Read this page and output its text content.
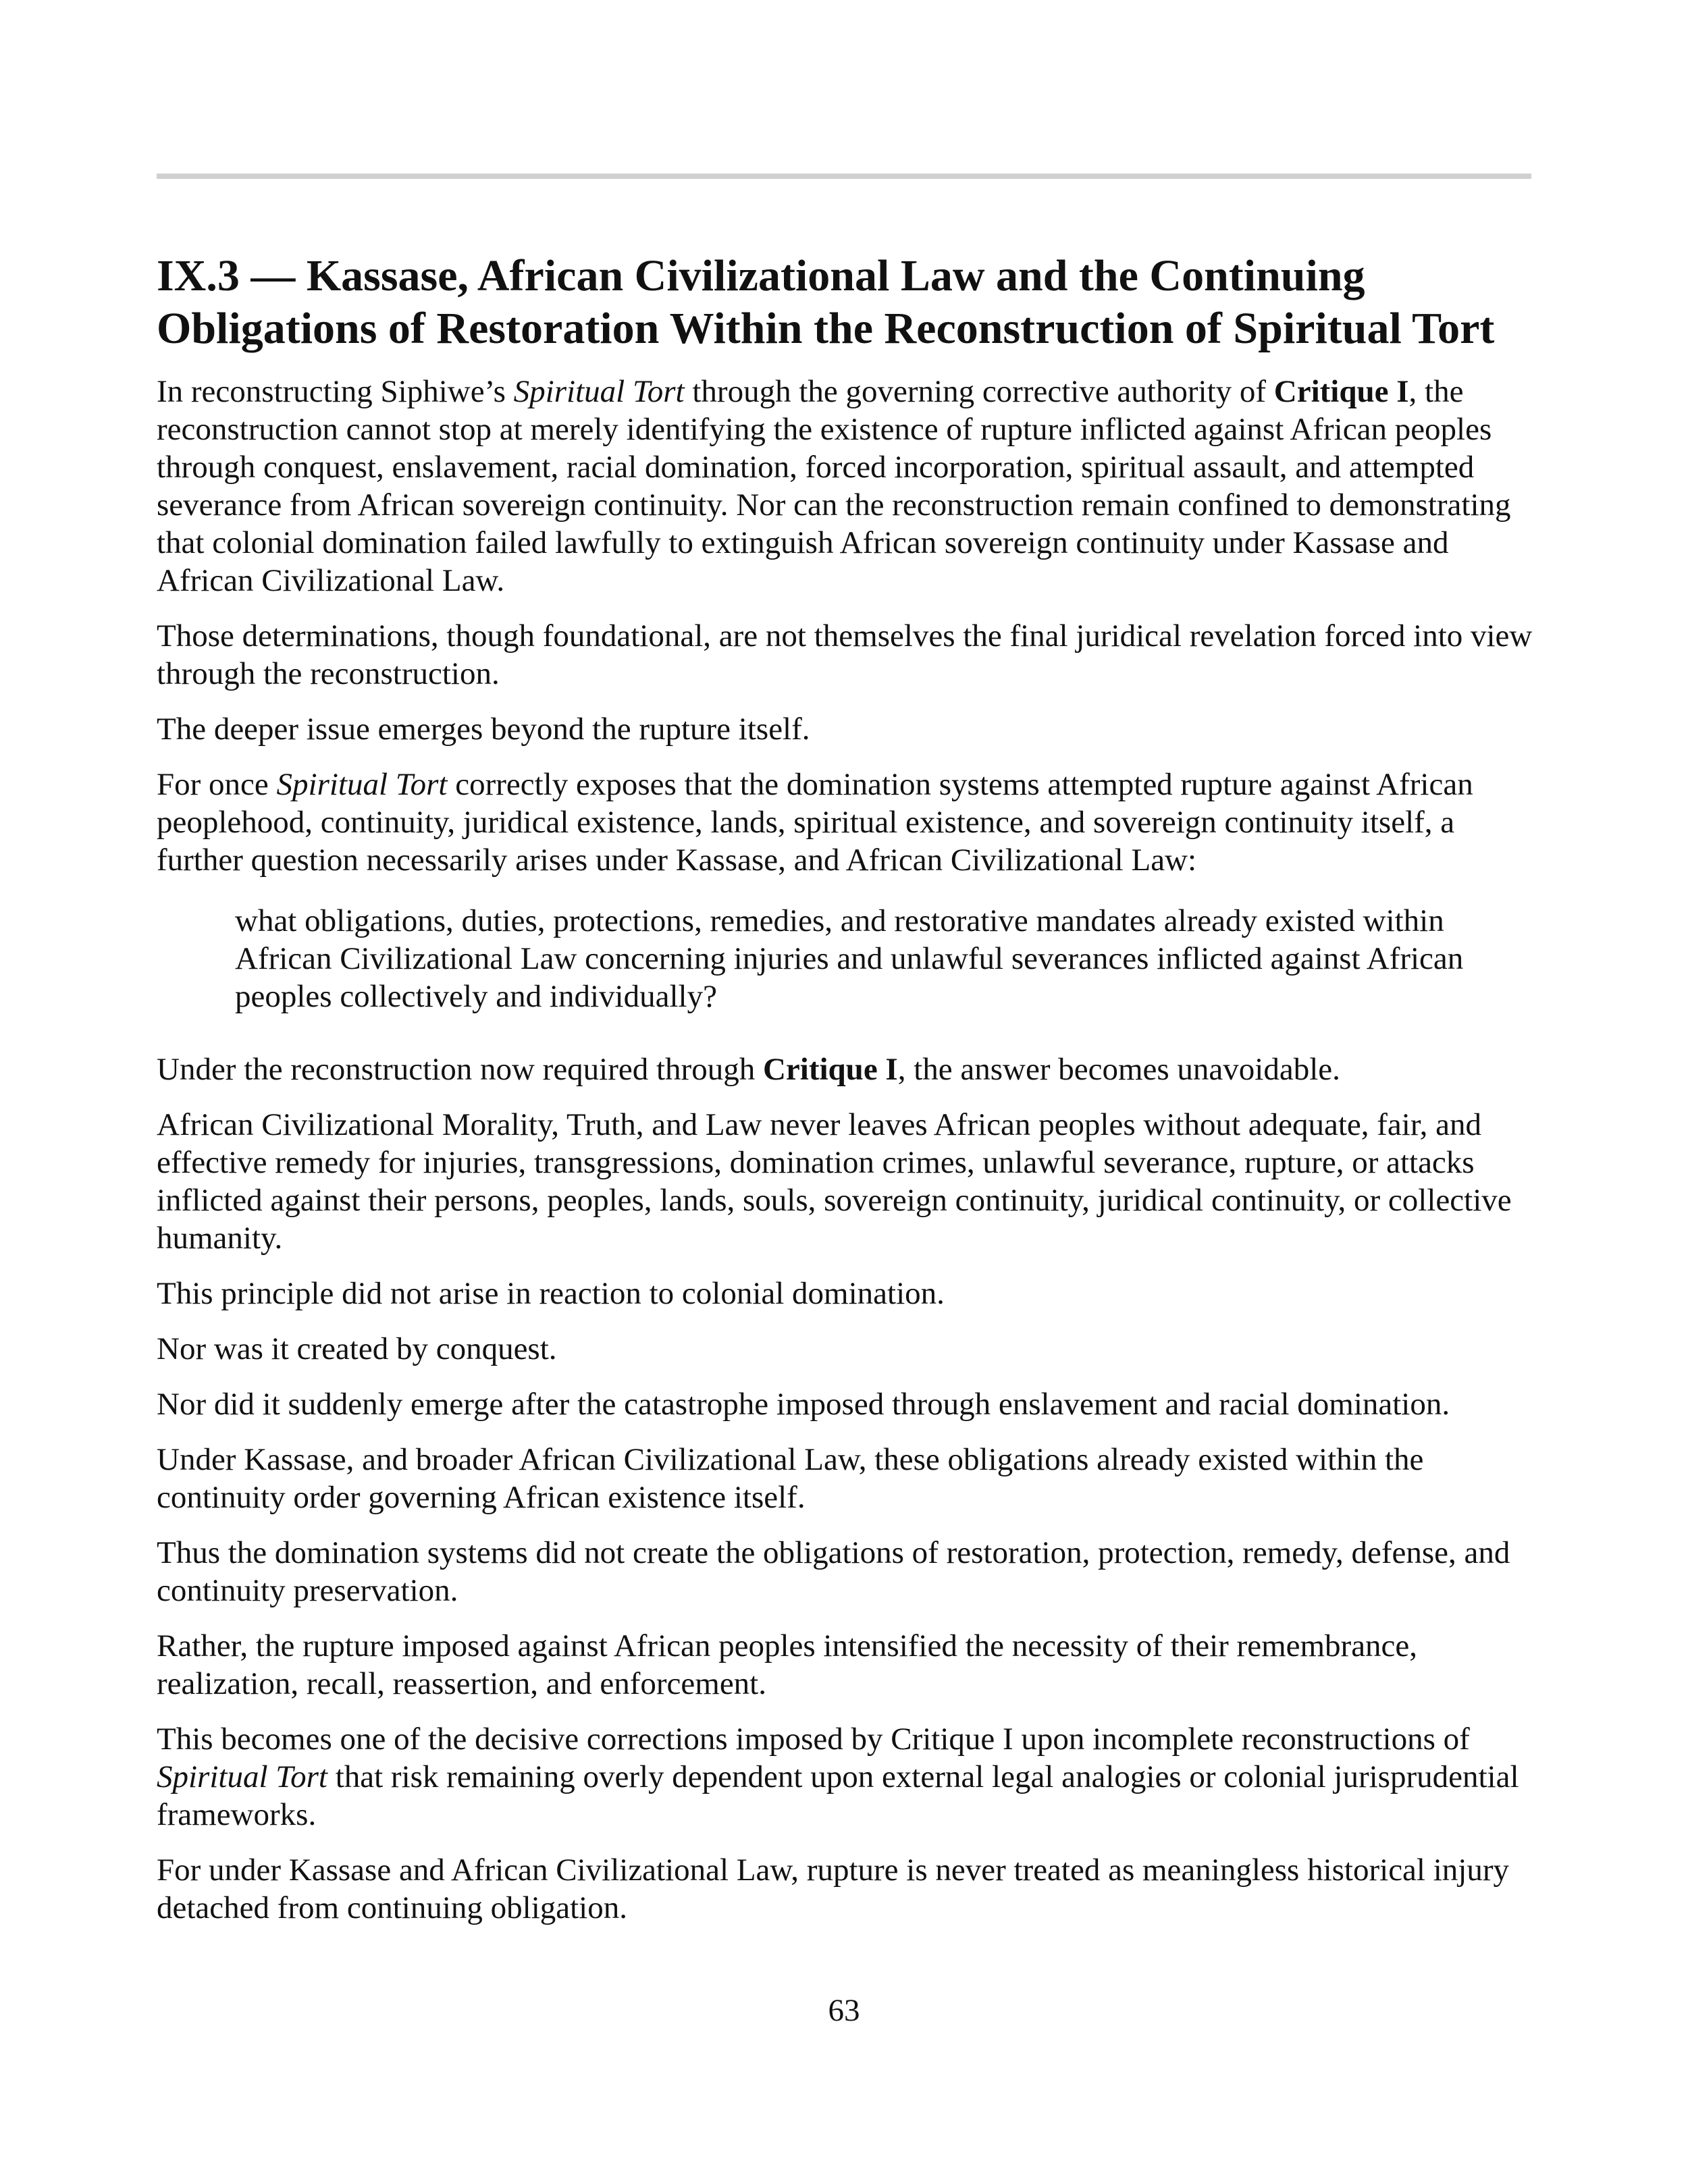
IX.3 — Kassase, African Civilizational Law and the Continuing
Obligations of Restoration Within the Reconstruction of Spiritual Tort

In reconstructing Siphiwe’s Spiritual Tort through the governing corrective authority of Critique I, the reconstruction cannot stop at merely identifying the existence of rupture inflicted against African peoples through conquest, enslavement, racial domination, forced incorporation, spiritual assault, and attempted severance from African sovereign continuity. Nor can the reconstruction remain confined to demonstrating that colonial domination failed lawfully to extinguish African sovereign continuity under Kassase and African Civilizational Law.

Those determinations, though foundational, are not themselves the final juridical revelation forced into view through the reconstruction.

The deeper issue emerges beyond the rupture itself.

For once Spiritual Tort correctly exposes that the domination systems attempted rupture against African peoplehood, continuity, juridical existence, lands, spiritual existence, and sovereign continuity itself, a further question necessarily arises under Kassase, and African Civilizational Law:

what obligations, duties, protections, remedies, and restorative mandates already existed within African Civilizational Law concerning injuries and unlawful severances inflicted against African peoples collectively and individually?

Under the reconstruction now required through Critique I, the answer becomes unavoidable.

African Civilizational Morality, Truth, and Law never leaves African peoples without adequate, fair, and effective remedy for injuries, transgressions, domination crimes, unlawful severance, rupture, or attacks inflicted against their persons, peoples, lands, souls, sovereign continuity, juridical continuity, or collective humanity.

This principle did not arise in reaction to colonial domination.

Nor was it created by conquest.

Nor did it suddenly emerge after the catastrophe imposed through enslavement and racial domination.

Under Kassase, and broader African Civilizational Law, these obligations already existed within the continuity order governing African existence itself.

Thus the domination systems did not create the obligations of restoration, protection, remedy, defense, and continuity preservation.

Rather, the rupture imposed against African peoples intensified the necessity of their remembrance, realization, recall, reassertion, and enforcement.

This becomes one of the decisive corrections imposed by Critique I upon incomplete reconstructions of Spiritual Tort that risk remaining overly dependent upon external legal analogies or colonial jurisprudential frameworks.

For under Kassase and African Civilizational Law, rupture is never treated as meaningless historical injury detached from continuing obligation.

63
